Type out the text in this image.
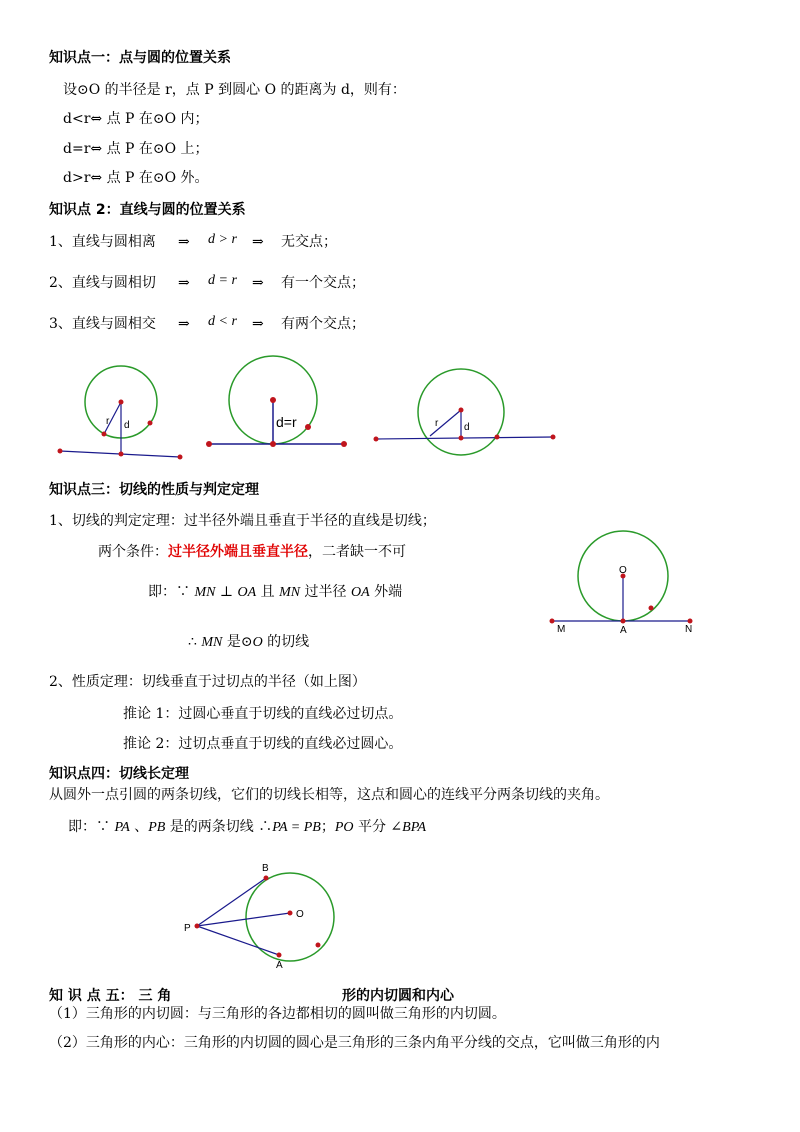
知识点一：点与圆的位置关系
设⊙O 的半径是 r，点 P 到圆心 O 的距离为 d，则有：
d<r⇔ 点 P 在⊙O 内；
d=r⇔ 点 P 在⊙O 上；
d>r⇔ 点 P 在⊙O 外。
知识点 2：直线与圆的位置关系
1、直线与圆相离 ⇒ d > r ⇒ 无交点；
2、直线与圆相切 ⇒ d = r ⇒ 有一个交点；
3、直线与圆相交 ⇒ d < r ⇒ 有两个交点；
r d	d=r	r	d
知识点三：切线的性质与判定定理
1、切线的判定定理：过半径外端且垂直于半径的直线是切线；
两个条件：过半径外端且垂直半径，二者缺一不可
即：∵ MN ⊥ OA 且 MN 过半径 OA 外端
∴ MN 是⊙O 的切线
O
M	A	N
2、性质定理：切线垂直于过切点的半径（如上图）
推论 1：过圆心垂直于切线的直线必过切点。
推论 2：过切点垂直于切线的直线必过圆心。
知识点四：切线长定理
从圆外一点引圆的两条切线，它们的切线长相等，这点和圆心的连线平分两条切线的夹角。
即：∵ PA 、PB 是的两条切线 ∴PA = PB；PO 平分 ∠BPA
B
O
P
A
知 识 点 五： 三 角	形的内切圆和内心
（1）三角形的内切圆：与三角形的各边都相切的圆叫做三角形的内切圆。
（2）三角形的内心：三角形的内切圆的圆心是三角形的三条内角平分线的交点，它叫做三角形的内
